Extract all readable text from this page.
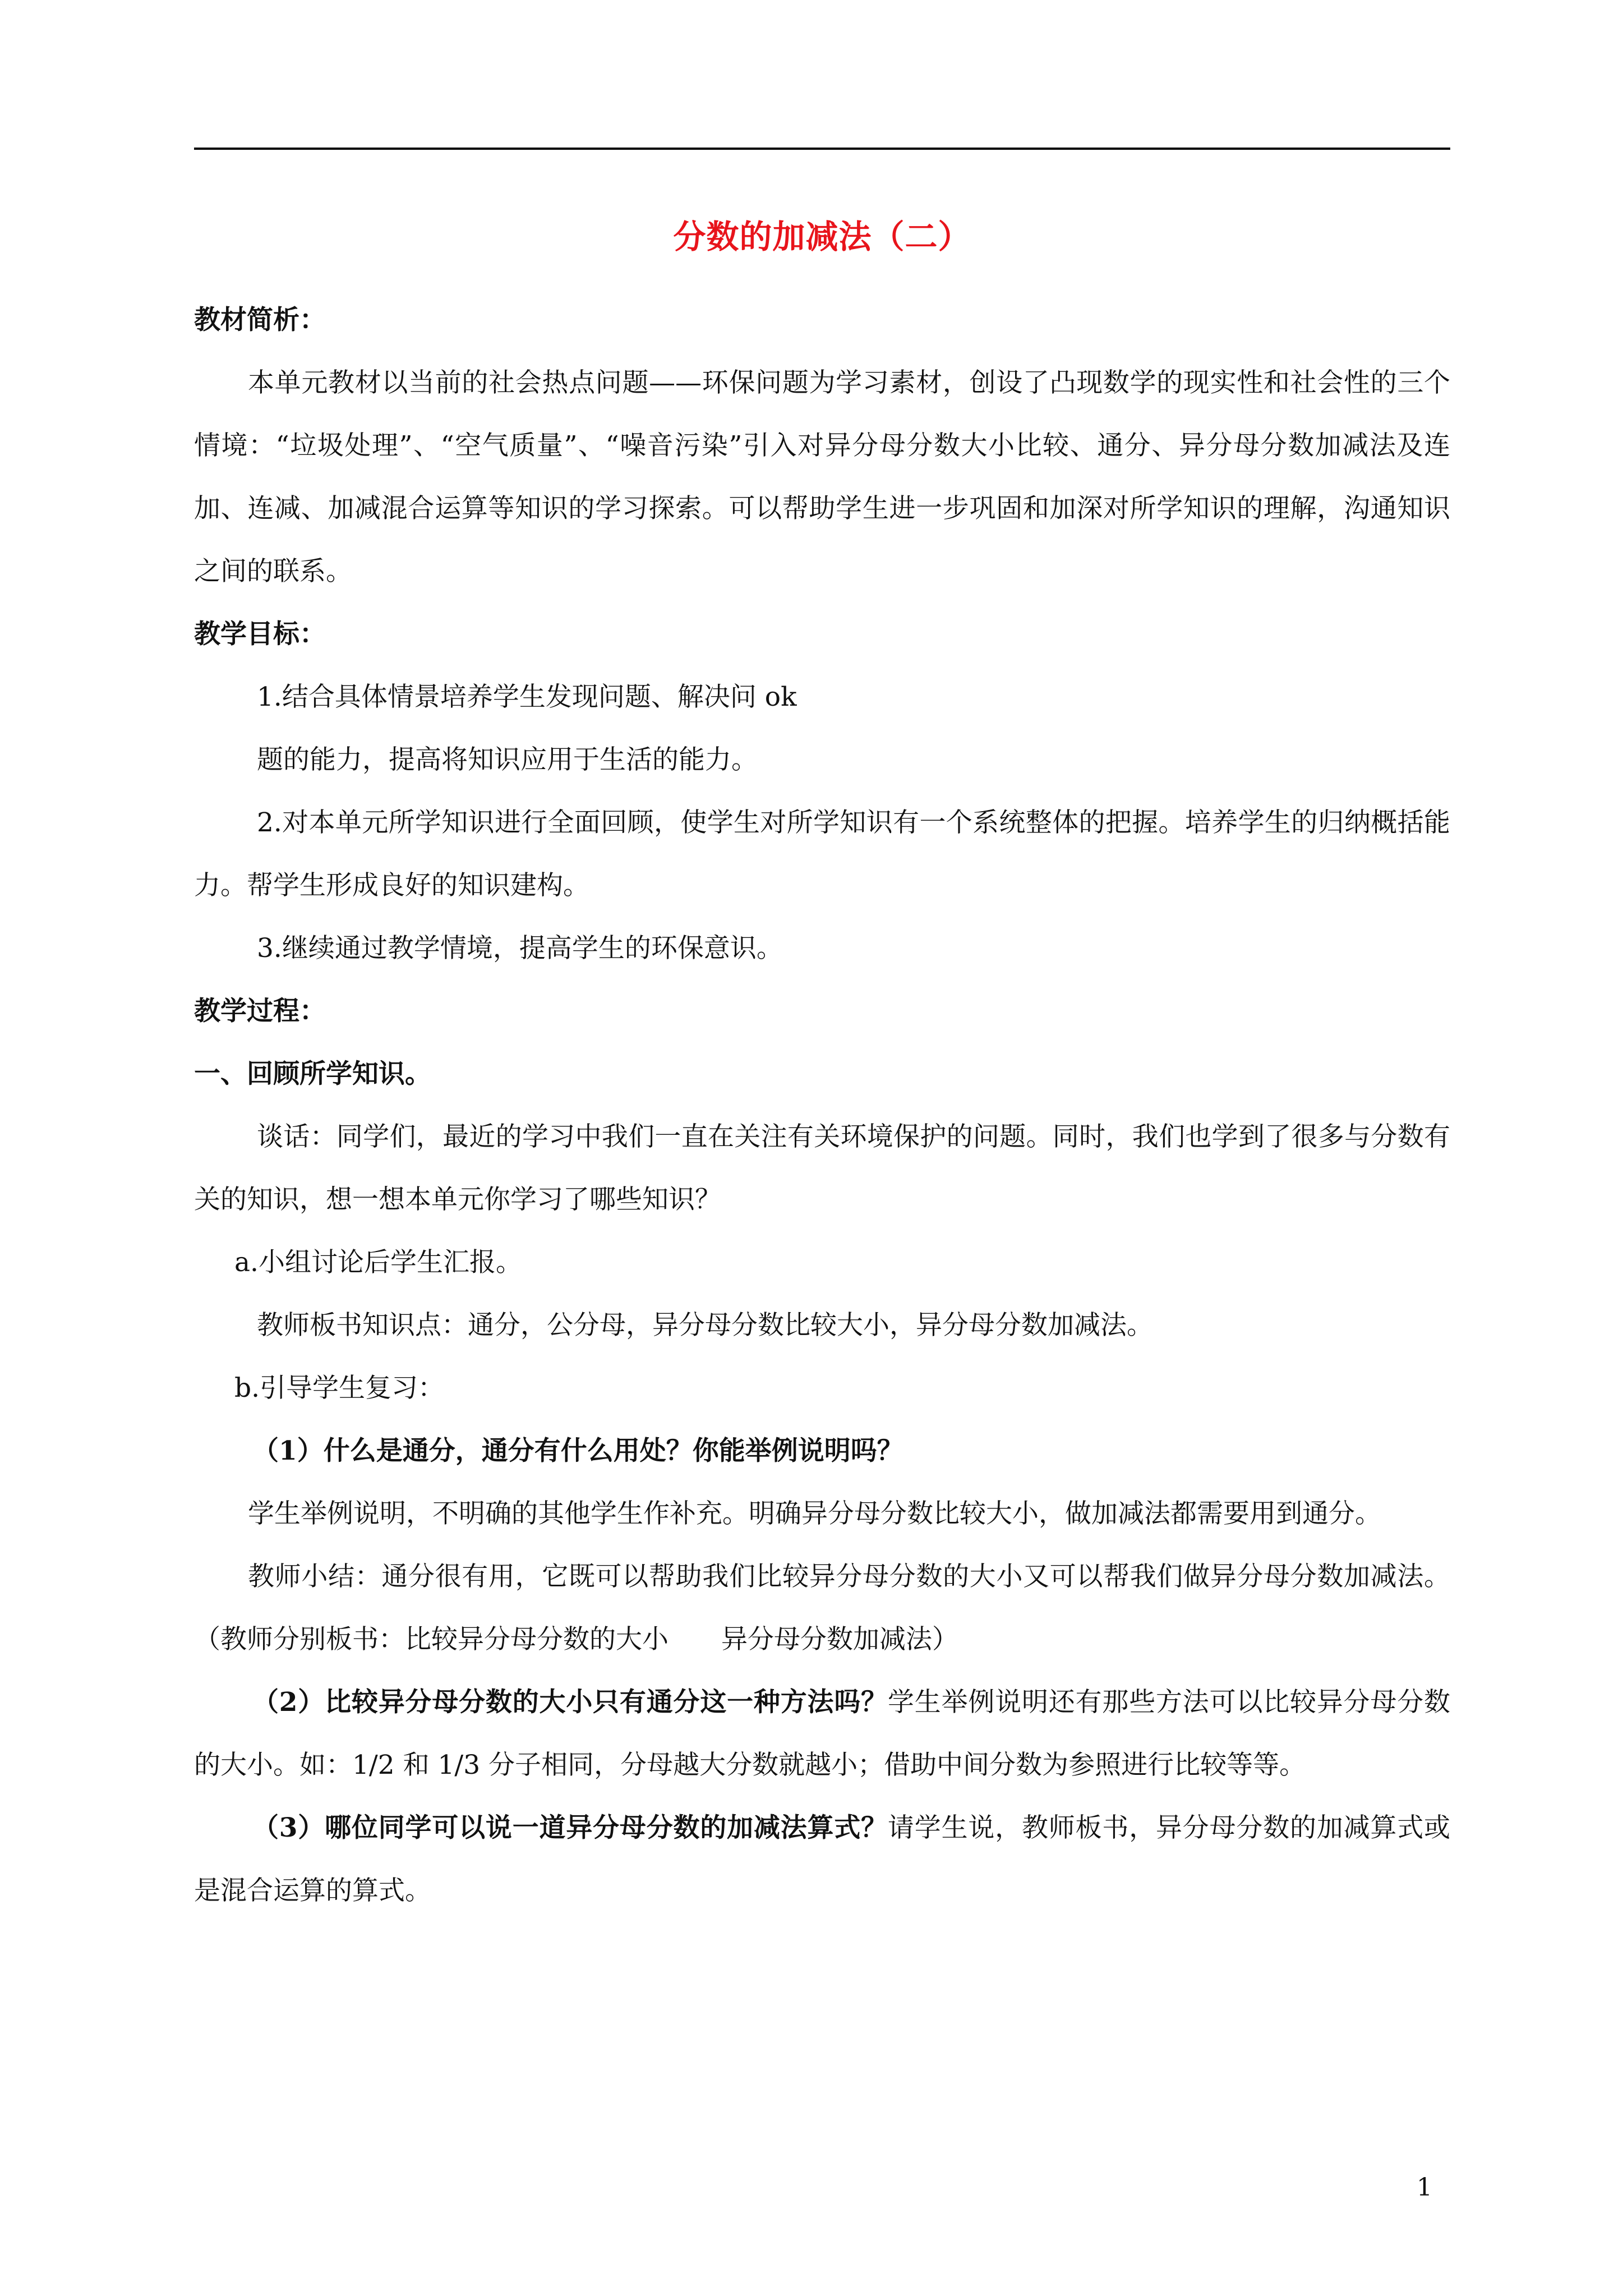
分数的加减法（二）

教材简析：

本单元教材以当前的社会热点问题——环保问题为学习素材，创设了凸现数学的现实性和社会性的三个情境：“垃圾处理”、“空气质量”、“噪音污染”引入对异分母分数大小比较、通分、异分母分数加减法及连加、连减、加减混合运算等知识的学习探索。可以帮助学生进一步巩固和加深对所学知识的理解，沟通知识之间的联系。

教学目标：

1.结合具体情景培养学生发现问题、解决问 ok

题的能力，提高将知识应用于生活的能力。

2.对本单元所学知识进行全面回顾，使学生对所学知识有一个系统整体的把握。培养学生的归纳概括能力。帮学生形成良好的知识建构。

3.继续通过教学情境，提高学生的环保意识。

教学过程：

一、回顾所学知识。

谈话：同学们，最近的学习中我们一直在关注有关环境保护的问题。同时，我们也学到了很多与分数有关的知识，想一想本单元你学习了哪些知识？

a.小组讨论后学生汇报。

教师板书知识点：通分，公分母，异分母分数比较大小，异分母分数加减法。

b.引导学生复习：

（1）什么是通分，通分有什么用处？你能举例说明吗？

学生举例说明，不明确的其他学生作补充。明确异分母分数比较大小，做加减法都需要用到通分。

教师小结：通分很有用，它既可以帮助我们比较异分母分数的大小又可以帮我们做异分母分数加减法。（教师分别板书：比较异分母分数的大小　　异分母分数加减法）

（2）比较异分母分数的大小只有通分这一种方法吗？学生举例说明还有那些方法可以比较异分母分数的大小。如：1/2 和 1/3 分子相同，分母越大分数就越小；借助中间分数为参照进行比较等等。

（3）哪位同学可以说一道异分母分数的加减法算式？请学生说，教师板书，异分母分数的加减算式或是混合运算的算式。

1
